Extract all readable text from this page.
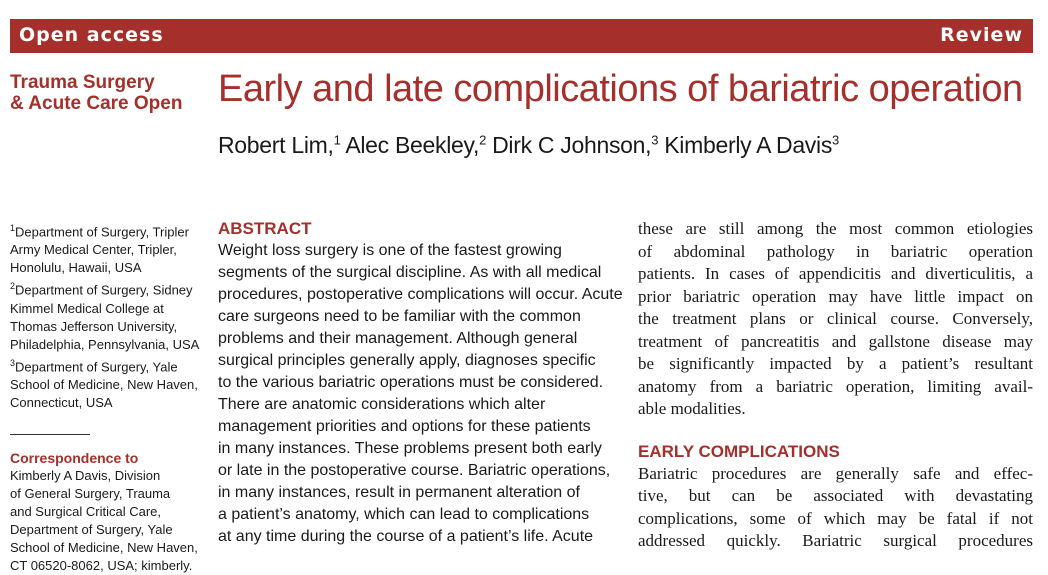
Open access	Review
Trauma Surgery
& Acute Care Open Early and late complications of bariatric operation
Robert Lim,$^1$ Alec Beekley,$^2$ Dirk C Johnson,$^3$ Kimberly A Davis$^3$
$^1$Department of Surgery, Tripler
Army Medical Center, Tripler,
Honolulu, Hawaii, USA
$^2$Department of Surgery, Sidney
Kimmel Medical College at
Thomas Jefferson University,
Philadelphia, Pennsylvania, USA
$^3$Department of Surgery, Yale
School of Medicine, New Haven,
Connecticut, USA
Correspondence to
Kimberly A Davis, Division
of General Surgery, Trauma
and Surgical Critical Care,
Department of Surgery, Yale
School of Medicine, New Haven,
CT 06520-8062, USA; kimberly.
ABSTRACT
Weight loss surgery is one of the fastest growing
segments of the surgical discipline. As with all medical
procedures, postoperative complications will occur. Acute
care surgeons need to be familiar with the common
problems and their management. Although general
surgical principles generally apply, diagnoses specific
to the various bariatric operations must be considered.
There are anatomic considerations which alter
management priorities and options for these patients
in many instances. These problems present both early
or late in the postoperative course. Bariatric operations,
in many instances, result in permanent alteration of
a patient’s anatomy, which can lead to complications
at any time during the course of a patient’s life. Acute
these are still among the most common etiologies
of abdominal pathology in bariatric operation
patients. In cases of appendicitis and diverticulitis, a
prior bariatric operation may have little impact on
the treatment plans or clinical course. Conversely,
treatment of pancreatitis and gallstone disease may
be significantly impacted by a patient’s resultant
anatomy from a bariatric operation, limiting avail-
able modalities.
EARLY COMPLICATIONS
Bariatric procedures are generally safe and effec-
tive, but can be associated with devastating
complications, some of which may be fatal if not
addressed quickly. Bariatric surgical procedures
